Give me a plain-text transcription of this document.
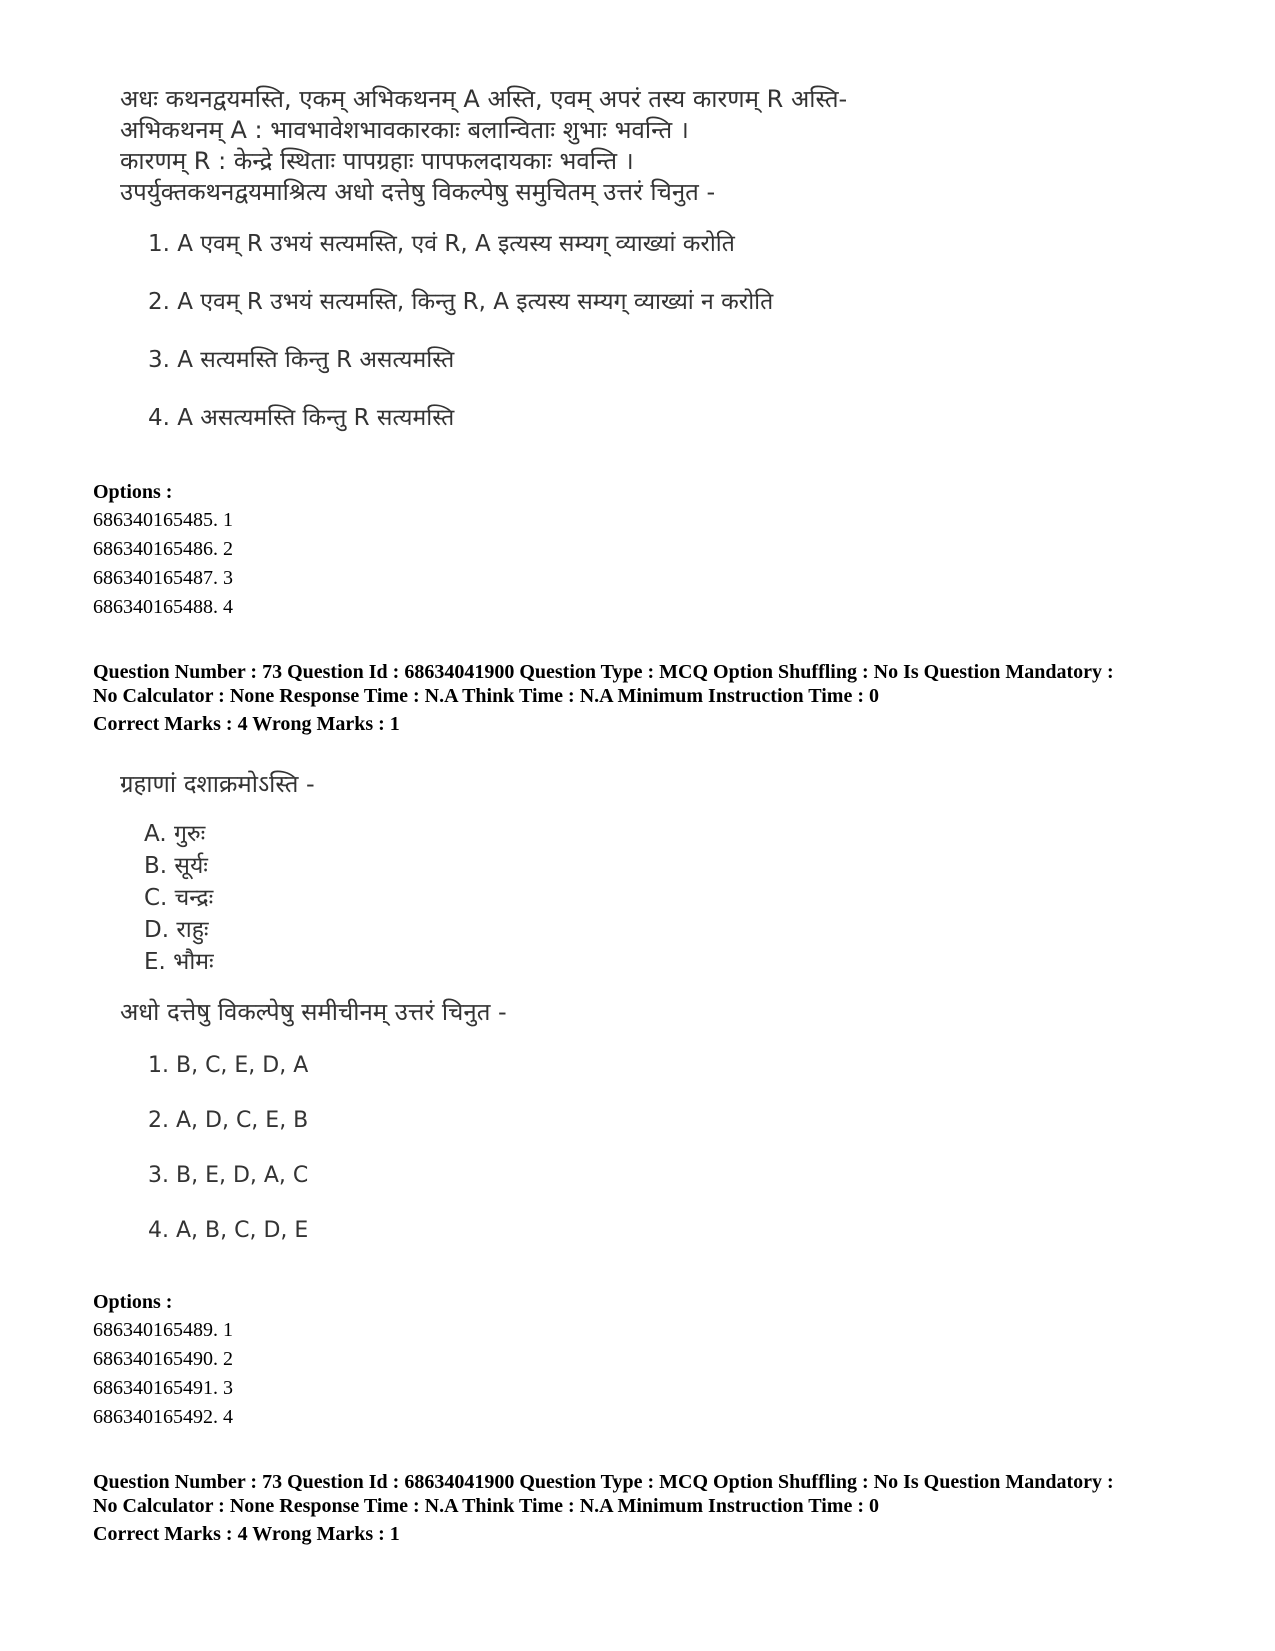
अधः कथनद्वयमस्ति, एकम् अभिकथनम् A अस्ति, एवम् अपरं तस्य कारणम् R अस्ति-
अभिकथनम् A : भावभावेशभावकारकाः बलान्विताः शुभाः भवन्ति ।
कारणम् R : केन्द्रे स्थिताः पापग्रहाः पापफलदायकाः भवन्ति ।
उपर्युक्तकथनद्वयमाश्रित्य अधो दत्तेषु विकल्पेषु समुचितम् उत्तरं चिनुत -
1. A एवम् R उभयं सत्यमस्ति, एवं R, A इत्यस्य सम्यग् व्याख्यां करोति
2. A एवम् R उभयं सत्यमस्ति, किन्तु R, A इत्यस्य सम्यग् व्याख्यां न करोति
3. A सत्यमस्ति किन्तु R असत्यमस्ति
4. A असत्यमस्ति किन्तु R सत्यमस्ति
Options :
686340165485. 1
686340165486. 2
686340165487. 3
686340165488. 4
Question Number : 73 Question Id : 68634041900 Question Type : MCQ Option Shuffling : No Is Question Mandatory :
No Calculator : None Response Time : N.A Think Time : N.A Minimum Instruction Time : 0
Correct Marks : 4 Wrong Marks : 1
ग्रहाणां दशाक्रमोऽस्ति -
A. गुरुः
B. सूर्यः
C. चन्द्रः
D. राहुः
E. भौमः
अधो दत्तेषु विकल्पेषु समीचीनम् उत्तरं चिनुत -
1. B, C, E, D, A
2. A, D, C, E, B
3. B, E, D, A, C
4. A, B, C, D, E
Options :
686340165489. 1
686340165490. 2
686340165491. 3
686340165492. 4
Question Number : 73 Question Id : 68634041900 Question Type : MCQ Option Shuffling : No Is Question Mandatory :
No Calculator : None Response Time : N.A Think Time : N.A Minimum Instruction Time : 0
Correct Marks : 4 Wrong Marks : 1
